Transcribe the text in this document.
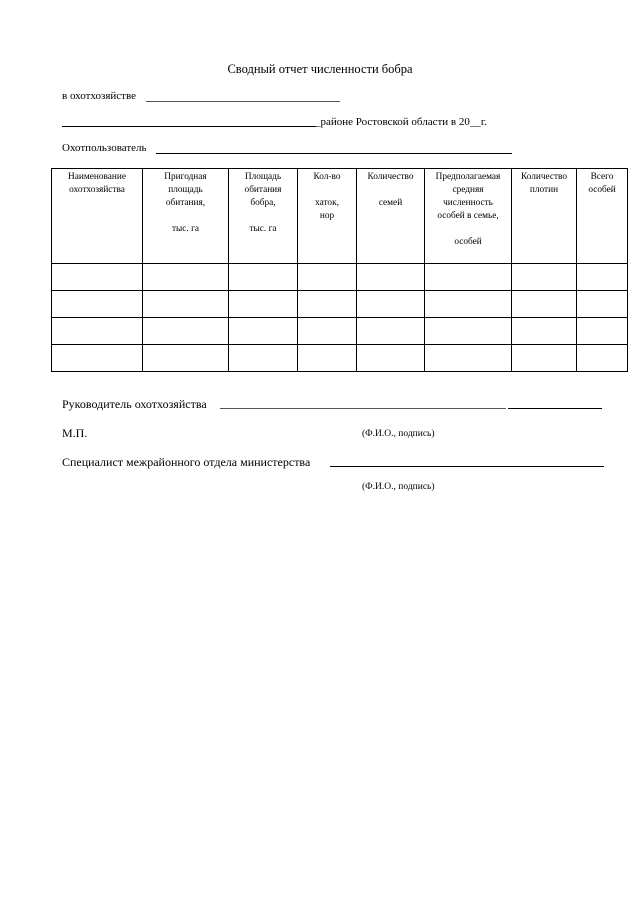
Сводный отчет численности бобра
в охотхозяйстве
_районе Ростовской области в 20__г.
Охотпользователь
Наименование
охотхозяйства	Пригодная
площадь
обитания,

тыс. га	Площадь
обитания
бобра,

тыс. га	Кол-во

хаток,
нор	Количество

семей	Предполагаемая
средняя
численность
особей в семье,

особей	Количество
плотин	Всего
особей

Руководитель охотхозяйства
М.П.	(Ф.И.О., подпись)
Специалист межрайонного отдела министерства
(Ф.И.О., подпись)
